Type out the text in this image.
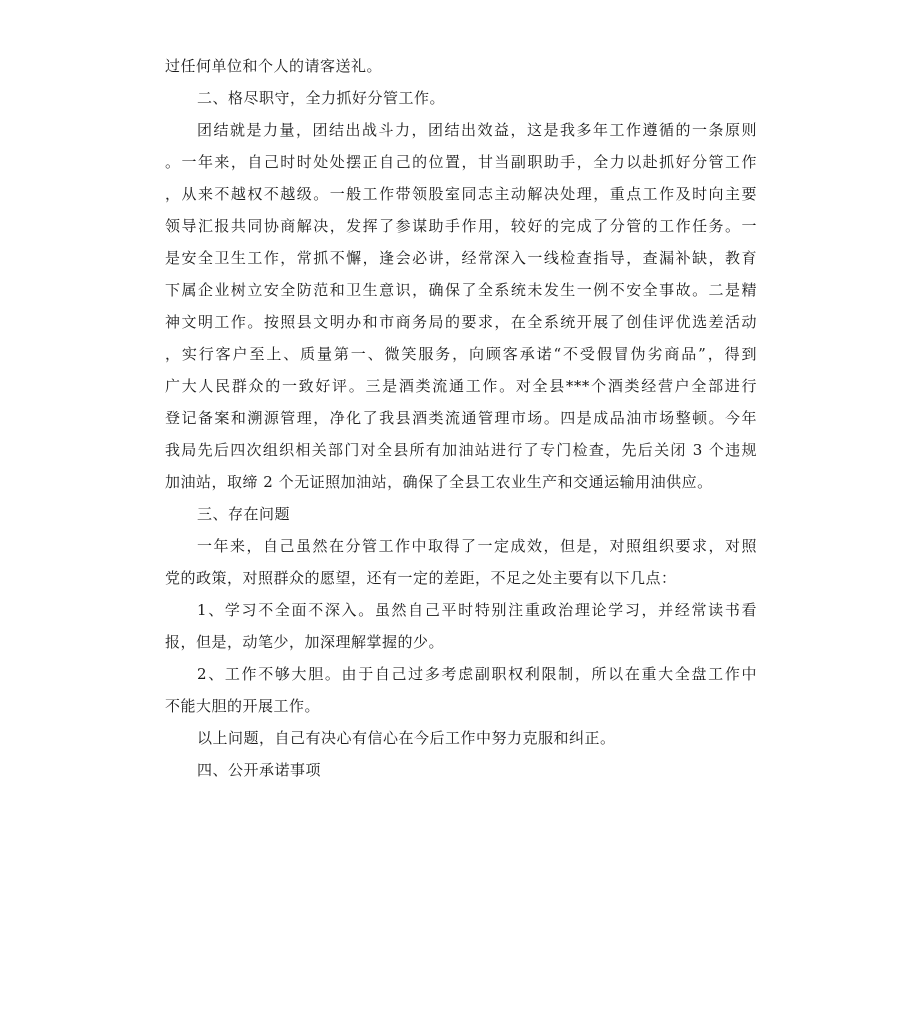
过任何单位和个人的请客送礼。
二、格尽职守，全力抓好分管工作。
团结就是力量，团结出战斗力，团结出效益，这是我多年工作遵循的一条原则
。一年来，自己时时处处摆正自己的位置，甘当副职助手，全力以赴抓好分管工作
，从来不越权不越级。一般工作带领股室同志主动解决处理，重点工作及时向主要
领导汇报共同协商解决，发挥了参谋助手作用，较好的完成了分管的工作任务。一
是安全卫生工作，常抓不懈，逢会必讲，经常深入一线检查指导，查漏补缺，教育
下属企业树立安全防范和卫生意识，确保了全系统未发生一例不安全事故。二是精
神文明工作。按照县文明办和市商务局的要求，在全系统开展了创佳评优选差活动
，实行客户至上、质量第一、微笑服务，向顾客承诺“不受假冒伪劣商品”，得到
广大人民群众的一致好评。三是酒类流通工作。对全县***个酒类经营户全部进行
登记备案和溯源管理，净化了我县酒类流通管理市场。四是成品油市场整顿。今年
我局先后四次组织相关部门对全县所有加油站进行了专门检查，先后关闭 3 个违规
加油站，取缔 2 个无证照加油站，确保了全县工农业生产和交通运输用油供应。
三、存在问题
一年来，自己虽然在分管工作中取得了一定成效，但是，对照组织要求，对照
党的政策，对照群众的愿望，还有一定的差距，不足之处主要有以下几点：
1、学习不全面不深入。虽然自己平时特别注重政治理论学习，并经常读书看
报，但是，动笔少，加深理解掌握的少。
2、工作不够大胆。由于自己过多考虑副职权利限制，所以在重大全盘工作中
不能大胆的开展工作。
以上问题，自己有决心有信心在今后工作中努力克服和纠正。
四、公开承诺事项
